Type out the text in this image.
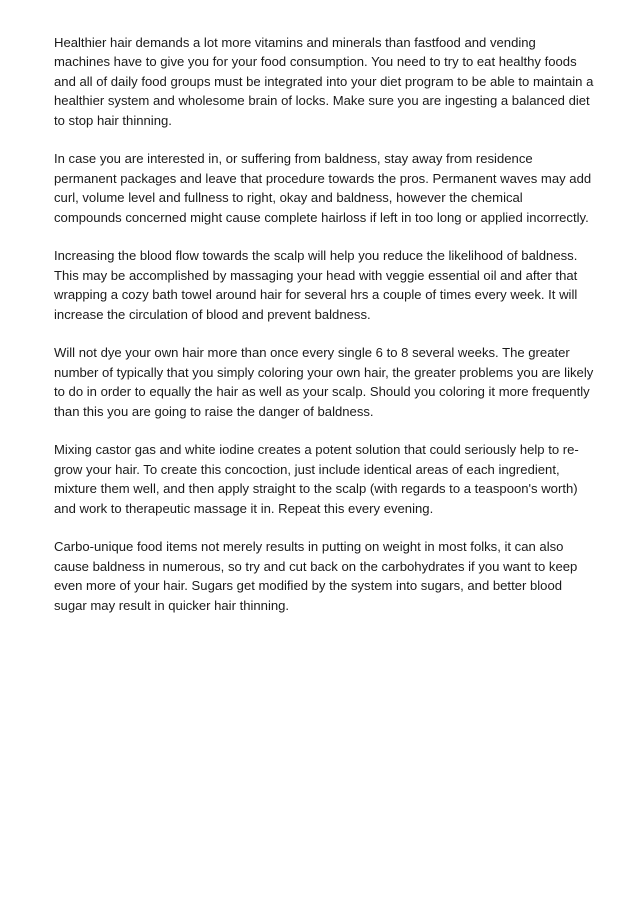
Healthier hair demands a lot more vitamins and minerals than fastfood and vending machines have to give you for your food consumption. You need to try to eat healthy foods and all of daily food groups must be integrated into your diet program to be able to maintain a healthier system and wholesome brain of locks. Make sure you are ingesting a balanced diet to stop hair thinning.

In case you are interested in, or suffering from baldness, stay away from residence permanent packages and leave that procedure towards the pros. Permanent waves may add curl, volume level and fullness to right, okay and baldness, however the chemical compounds concerned might cause complete hairloss if left in too long or applied incorrectly.

Increasing the blood flow towards the scalp will help you reduce the likelihood of baldness. This may be accomplished by massaging your head with veggie essential oil and after that wrapping a cozy bath towel around hair for several hrs a couple of times every week. It will increase the circulation of blood and prevent baldness.

Will not dye your own hair more than once every single 6 to 8 several weeks. The greater number of typically that you simply coloring your own hair, the greater problems you are likely to do in order to equally the hair as well as your scalp. Should you coloring it more frequently than this you are going to raise the danger of baldness.

Mixing castor gas and white iodine creates a potent solution that could seriously help to re-grow your hair. To create this concoction, just include identical areas of each ingredient, mixture them well, and then apply straight to the scalp (with regards to a teaspoon's worth) and work to therapeutic massage it in. Repeat this every evening.

Carbo-unique food items not merely results in putting on weight in most folks, it can also cause baldness in numerous, so try and cut back on the carbohydrates if you want to keep even more of your hair. Sugars get modified by the system into sugars, and better blood sugar may result in quicker hair thinning.
